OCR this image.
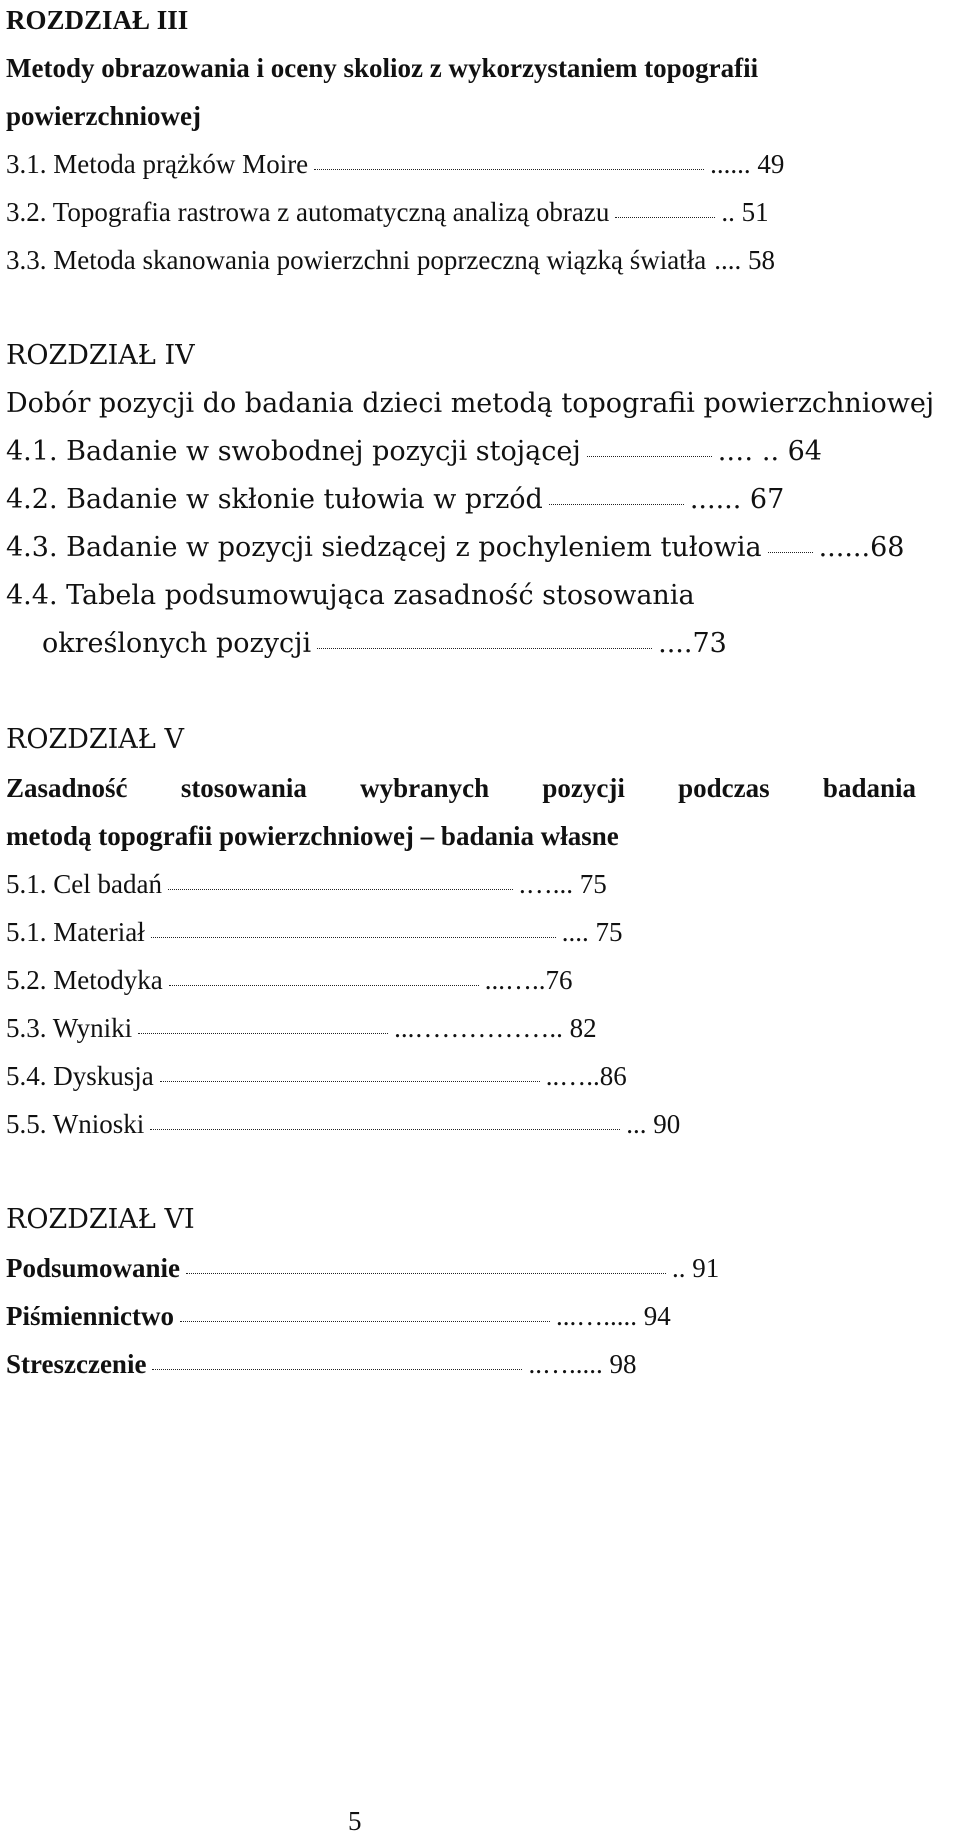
ROZDZIAŁ III
Metody obrazowania i oceny skolioz z wykorzystaniem topografii
powierzchniowej
3.1. Metoda prążków Moire	...... 49
3.2. Topografia rastrowa z automatyczną analizą obrazu	.. 51
3.3. Metoda skanowania powierzchni poprzeczną wiązką światła .... 58
ROZDZIAŁ IV
Dobór pozycji do badania dzieci metodą topografii powierzchniowej
4.1. Badanie w swobodnej pozycji stojącej	.… .. 64
4.2. Badanie w skłonie tułowia w przód	...... 67
4.3. Badanie w pozycji siedzącej z pochyleniem tułowia ......68
4.4. Tabela podsumowująca zasadność stosowania
określonych pozycji	....73
ROZDZIAŁ V
Zasadność stosowania wybranych pozycji podczas badania
metodą topografii powierzchniowej – badania własne
5.1. Cel badań	.…... 75
5.1. Materiał	.... 75
5.2. Metodyka	...…..76
5.3. Wyniki	...…………….. 82
5.4. Dyskusja	..…..86
5.5. Wnioski	... 90
ROZDZIAŁ VI
Podsumowanie	.. 91
Piśmiennictwo	...…..... 94
Streszczenie	..…..... 98
5
